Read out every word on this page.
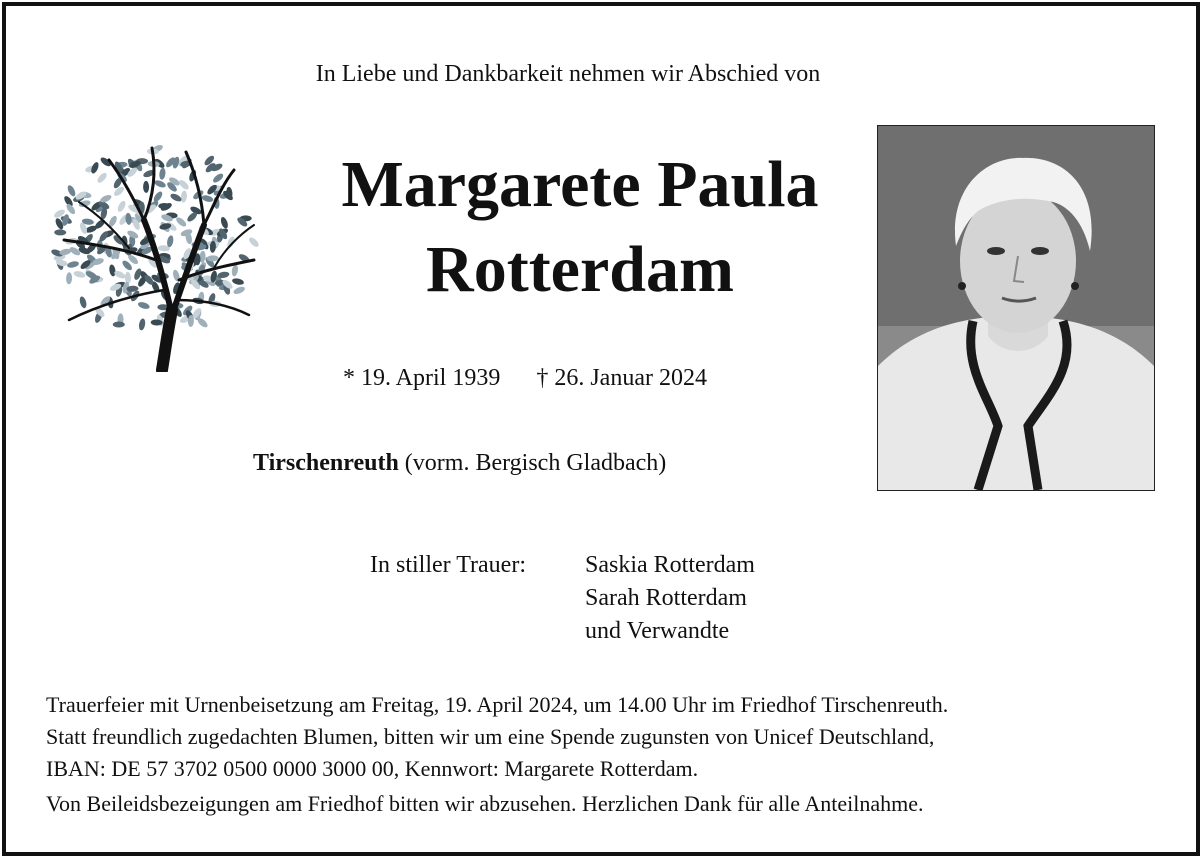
In Liebe und Dankbarkeit nehmen wir Abschied von
Margarete Paula
Rotterdam
* 19. April 1939 † 26. Januar 2024
Tirschenreuth (vorm. Bergisch Gladbach)
In stiller Trauer: Saskia Rotterdam
Sarah Rotterdam
und Verwandte
Trauerfeier mit Urnenbeisetzung am Freitag, 19. April 2024, um 14.00 Uhr im Friedhof Tirschenreuth.
Statt freundlich zugedachten Blumen, bitten wir um eine Spende zugunsten von Unicef Deutschland,
IBAN: DE 57 3702 0500 0000 3000 00, Kennwort: Margarete Rotterdam.
Von Beileidsbezeigungen am Friedhof bitten wir abzusehen. Herzlichen Dank für alle Anteilnahme.
